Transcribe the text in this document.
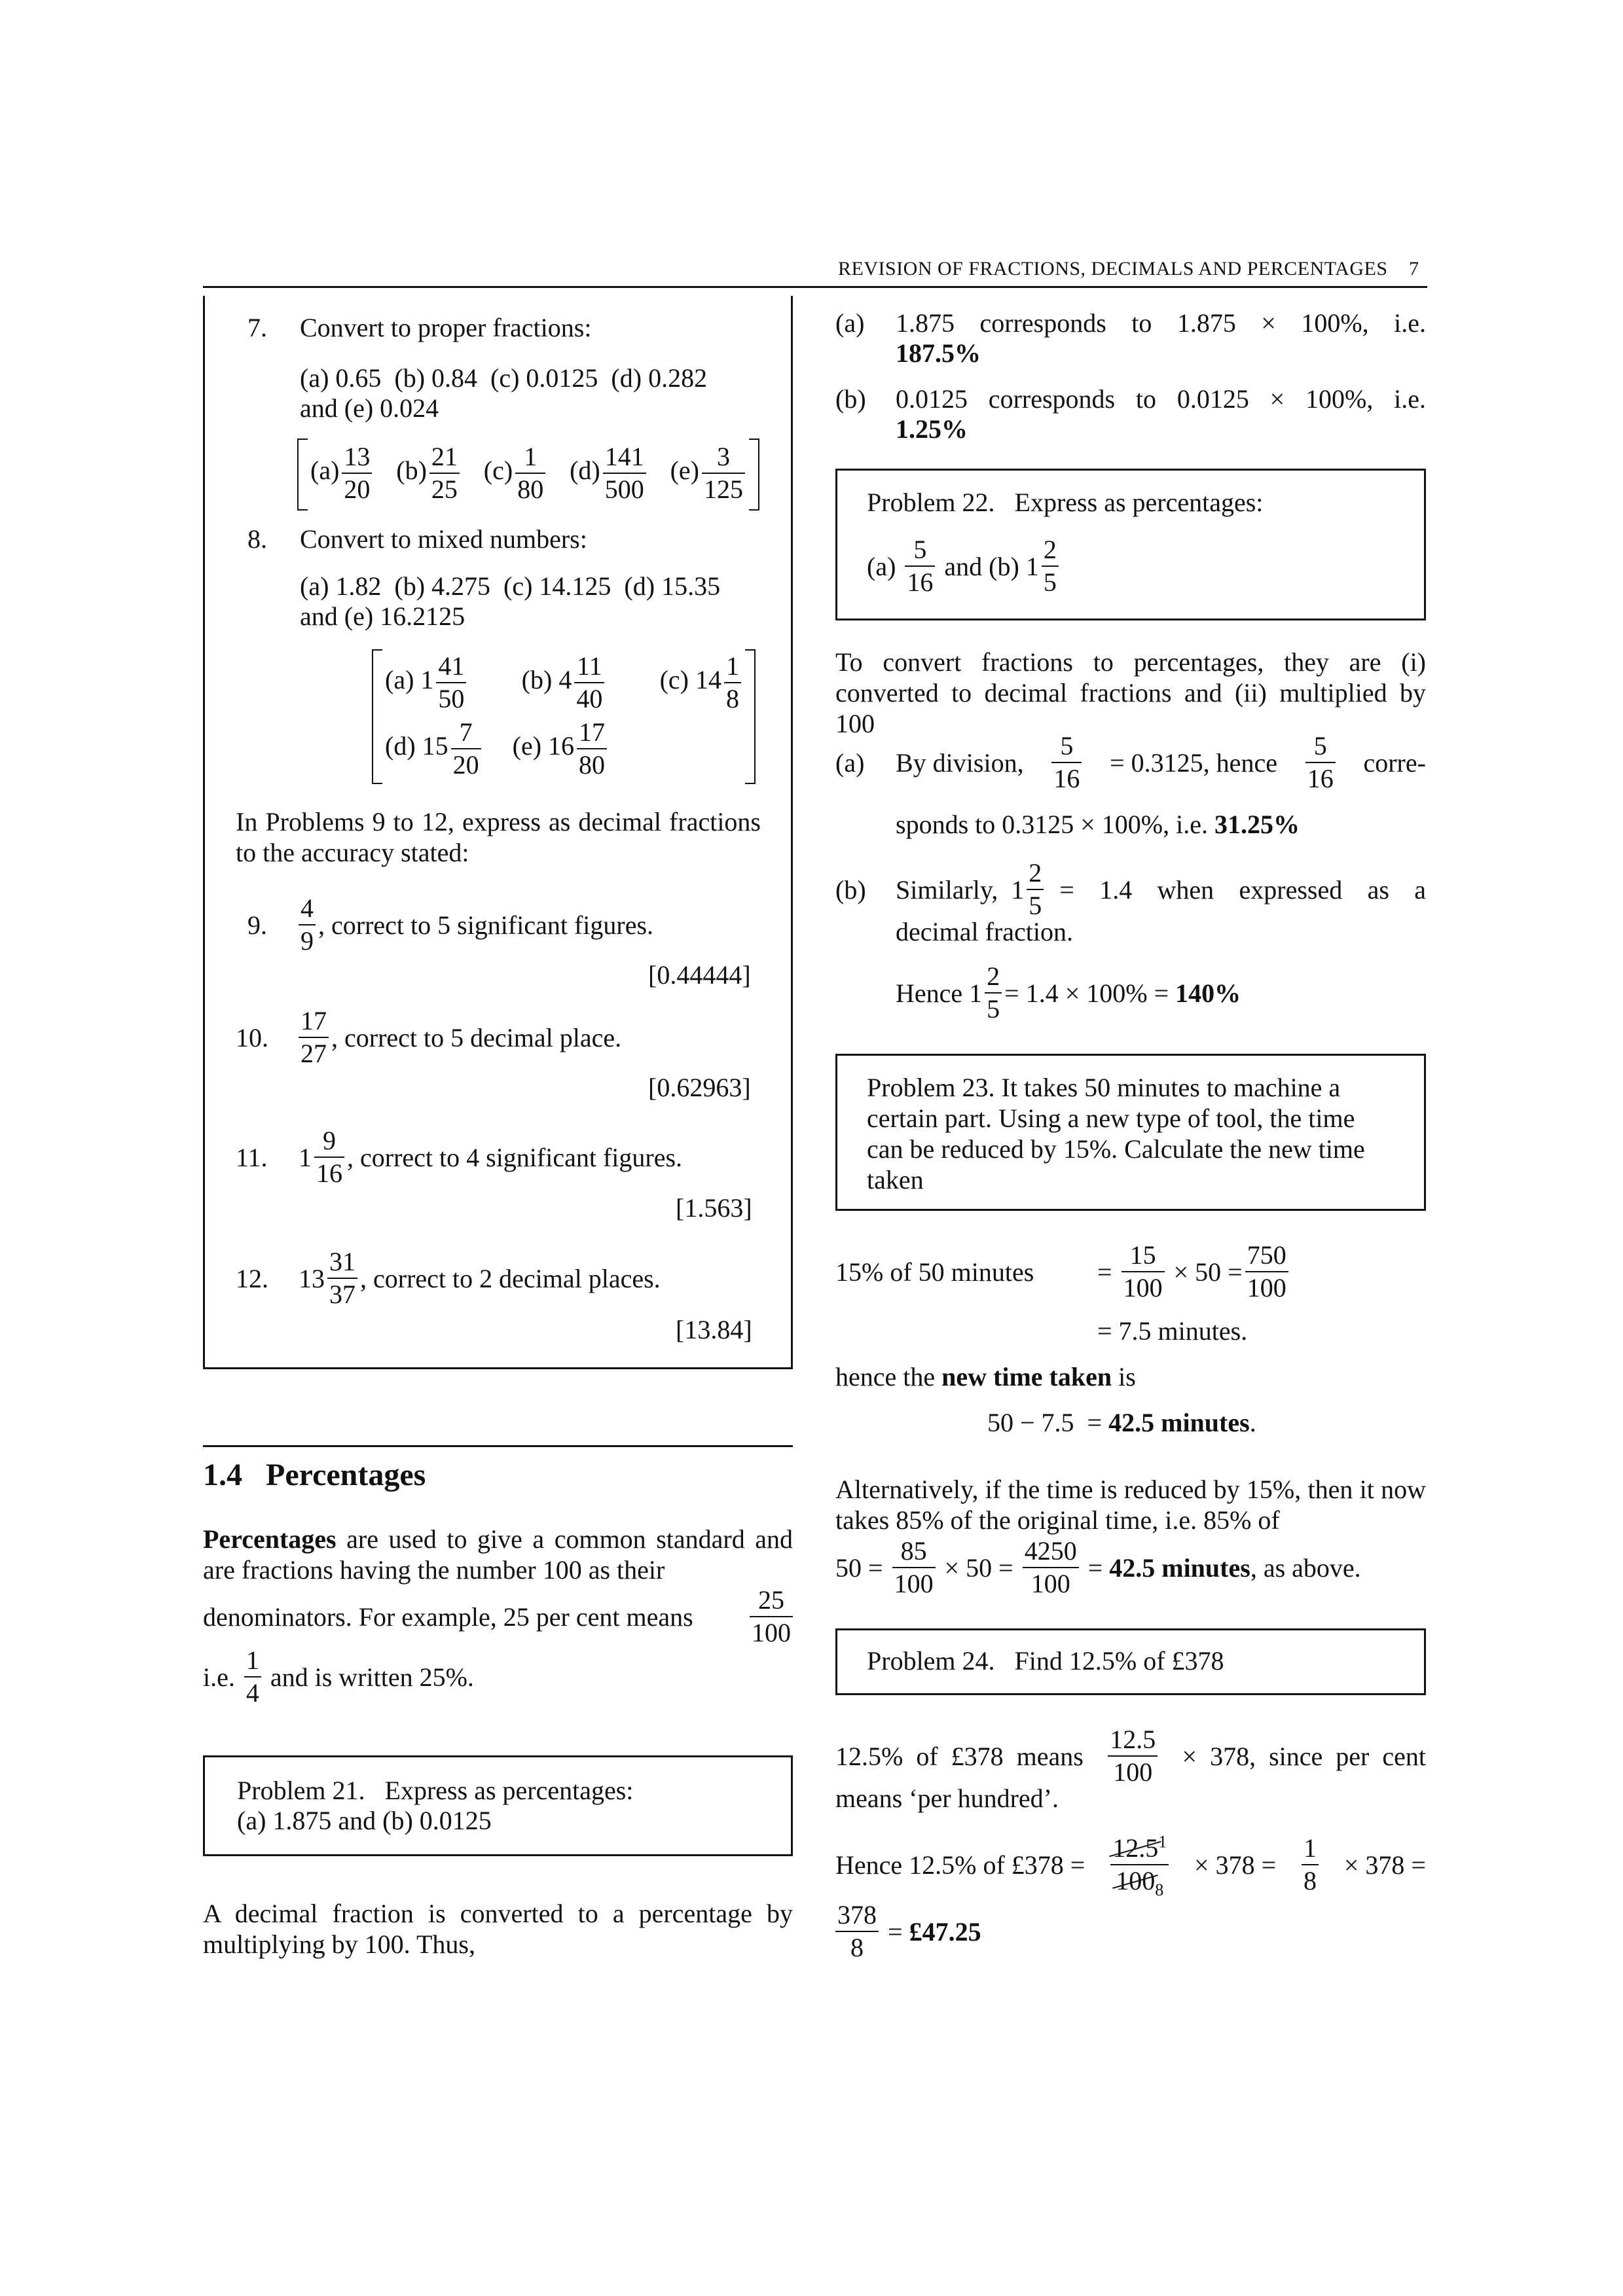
REVISION OF FRACTIONS, DECIMALS AND PERCENTAGES 7
7. Convert to proper fractions:
(a) 0.65  (b) 0.84  (c) 0.0125  (d) 0.282
and (e) 0.024
$(a) \frac{13}{20} (b) \frac{21}{25} (c) \frac{1}{80} (d) \frac{141}{500} (e) \frac{3}{125}$
8. Convert to mixed numbers:
(a) 1.82  (b) 4.275  (c) 14.125  (d) 15.35
and (e) 16.2125
(a) $1 \frac{41}{50} (b)$ $4 \frac{11}{40} (c)$ $14 \frac{1}{8}$
(d) $15 \frac{7}{20} (e)$ $16 \frac{17}{80}$
In Problems 9 to 12, express as decimal fractions to the accuracy stated:
9. $\frac{4}{9}$ , correct to 5 significant figures.
[0.44444]
10. $\frac{17}{27}$ , correct to 5 decimal place.
[0.62963]
11. $1 \frac{9}{16}$ , correct to 4 significant figures.
[1.563]
12. $13 \frac{31}{37}$ , correct to 2 decimal places.
[13.84]
1.4 Percentages
Percentages are used to give a common standard and are fractions having the number 100 as their
denominators. For example, 25 per cent means $\frac{25}{100}$
i.e.
$\frac{1}{4}$
and is written 25%.
Problem 21.   Express as percentages:
(a) 1.875 and (b) 0.0125
A decimal fraction is converted to a percentage by multiplying by 100. Thus,
(a) 1.875  corresponds  to  1.875  ×  100%,  i.e.
187.5%
(b) 0.0125  corresponds  to  0.0125  ×  100%,  i.e.
1.25%
Problem 22.   Express as percentages:
(a)
$\frac{5}{16}$
and (b)
$1 \frac{2}{5}$
To convert fractions to percentages, they are (i) converted to decimal fractions and (ii) multiplied by 100
(a) By division, $\frac{5}{16} = 0.3125$, hence $\frac{5}{16}$ corre-
sponds to 0.3125 × 100%, i.e. 31.25%
(b) Similarly,
$1 \frac{2}{5}$
=  1.4  when  expressed  as  a
decimal fraction.
Hence
$1 \frac{2}{5} = 1.4 \times 100\%$ =
140%
Problem 23. It takes 50 minutes to machine a certain part. Using a new type of tool, the time can be reduced by 15%. Calculate the new time taken
15% of 50 minutes =
$\frac{15}{100}$
× $50 = \frac{750}{100}$
= 7.5 minutes.
hence the new time taken is
50 − 7.5  = 42.5 minutes.
Alternatively, if the time is reduced by 15%, then it now takes 85% of the original time, i.e. 85% of
50 =
$\frac{85}{100}$
× 50 =
$\frac{4250}{100}$
=
42.5 minutes , as above.
Problem 24.   Find 12.5% of £378
12.5%  of  £378  means $\frac{12.5}{100} \times 378$,  since  per  cent
means ‘per hundred’.
Hence 12.5% of £378 = $\frac{12.5^1}{100_8} \times 378 = \frac{1}{8} \times 378$ =
$\frac{378}{8}$
=
£47.25
